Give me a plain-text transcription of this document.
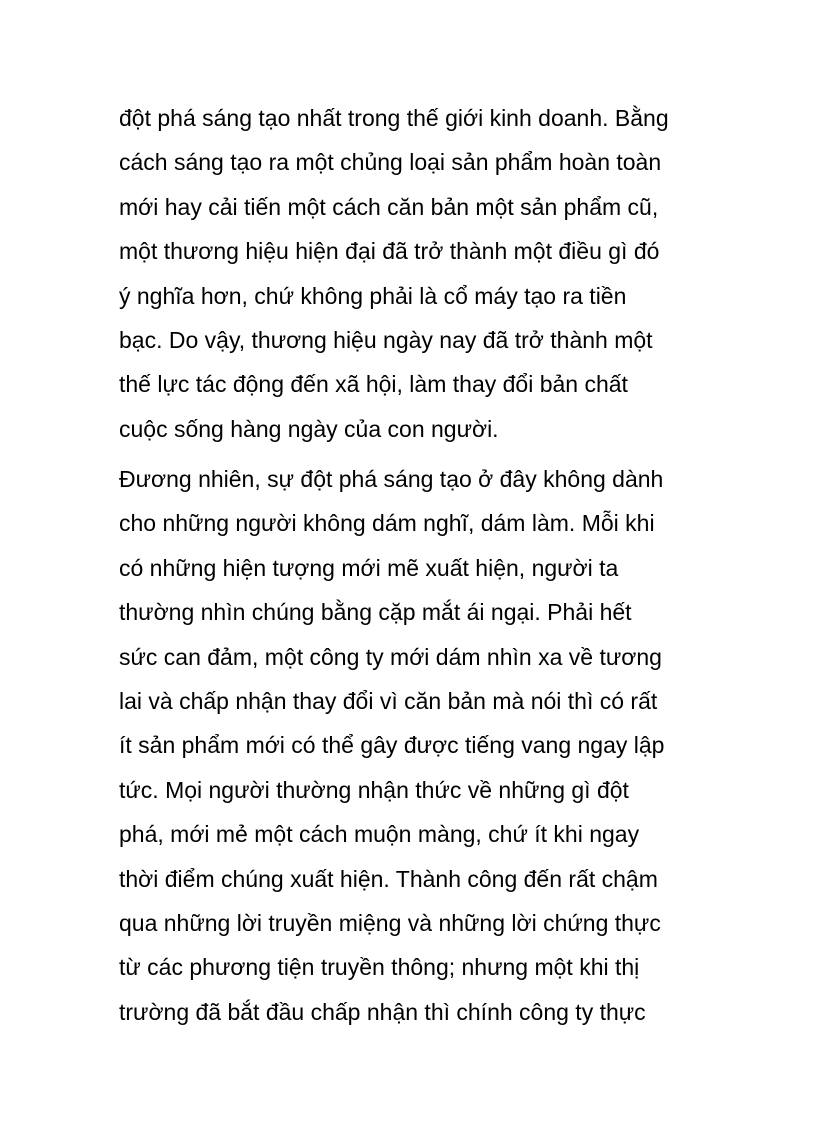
đột phá sáng tạo nhất trong thế giới kinh doanh. Bằng
cách sáng tạo ra một chủng loại sản phẩm hoàn toàn
mới hay cải tiến một cách căn bản một sản phẩm cũ,
một thương hiệu hiện đại đã trở thành một điều gì đó
ý nghĩa hơn, chứ không phải là cổ máy tạo ra tiền
bạc. Do vậy, thương hiệu ngày nay đã trở thành một
thế lực tác động đến xã hội, làm thay đổi bản chất
cuộc sống hàng ngày của con người.
Đương nhiên, sự đột phá sáng tạo ở đây không dành
cho những người không dám nghĩ, dám làm. Mỗi khi
có những hiện tượng mới mẽ xuất hiện, người ta
thường nhìn chúng bằng cặp mắt ái ngại. Phải hết
sức can đảm, một công ty mới dám nhìn xa về tương
lai và chấp nhận thay đổi vì căn bản mà nói thì có rất
ít sản phẩm mới có thể gây được tiếng vang ngay lập
tức. Mọi người thường nhận thức về những gì đột
phá, mới mẻ một cách muộn màng, chứ ít khi ngay
thời điểm chúng xuất hiện. Thành công đến rất chậm
qua những lời truyền miệng và những lời chứng thực
từ các phương tiện truyền thông; nhưng một khi thị
trường đã bắt đầu chấp nhận thì chính công ty thực
